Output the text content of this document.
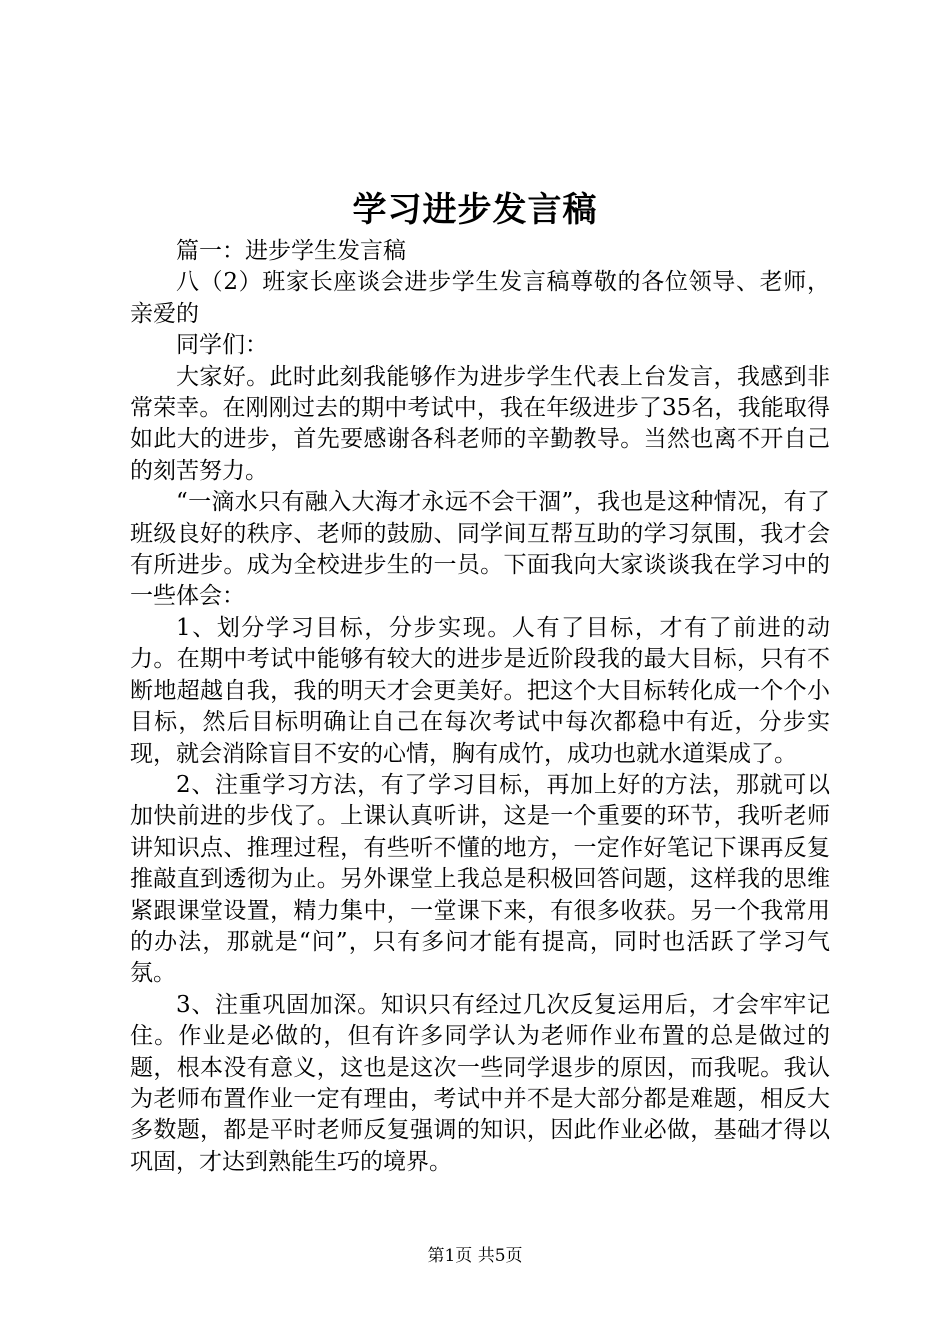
学习进步发言稿

篇一：进步学生发言稿

八（2）班家长座谈会进步学生发言稿尊敬的各位领导、老师，亲爱的

同学们：

大家好。此时此刻我能够作为进步学生代表上台发言，我感到非常荣幸。在刚刚过去的期中考试中，我在年级进步了35名，我能取得如此大的进步，首先要感谢各科老师的辛勤教导。当然也离不开自己的刻苦努力。

“一滴水只有融入大海才永远不会干涸”，我也是这种情况，有了班级良好的秩序、老师的鼓励、同学间互帮互助的学习氛围，我才会有所进步。成为全校进步生的一员。下面我向大家谈谈我在学习中的一些体会：

1、划分学习目标，分步实现。人有了目标，才有了前进的动力。在期中考试中能够有较大的进步是近阶段我的最大目标，只有不断地超越自我，我的明天才会更美好。把这个大目标转化成一个个小目标，然后目标明确让自己在每次考试中每次都稳中有近，分步实现，就会消除盲目不安的心情，胸有成竹，成功也就水道渠成了。

2、注重学习方法，有了学习目标，再加上好的方法，那就可以加快前进的步伐了。上课认真听讲，这是一个重要的环节，我听老师讲知识点、推理过程，有些听不懂的地方，一定作好笔记下课再反复推敲直到透彻为止。另外课堂上我总是积极回答问题，这样我的思维紧跟课堂设置，精力集中，一堂课下来，有很多收获。另一个我常用的办法，那就是“问”，只有多问才能有提高，同时也活跃了学习气氛。

3、注重巩固加深。知识只有经过几次反复运用后，才会牢牢记住。作业是必做的，但有许多同学认为老师作业布置的总是做过的题，根本没有意义，这也是这次一些同学退步的原因，而我呢。我认为老师布置作业一定有理由，考试中并不是大部分都是难题，相反大多数题，都是平时老师反复强调的知识，因此作业必做，基础才得以巩固，才达到熟能生巧的境界。

第1页 共5页
